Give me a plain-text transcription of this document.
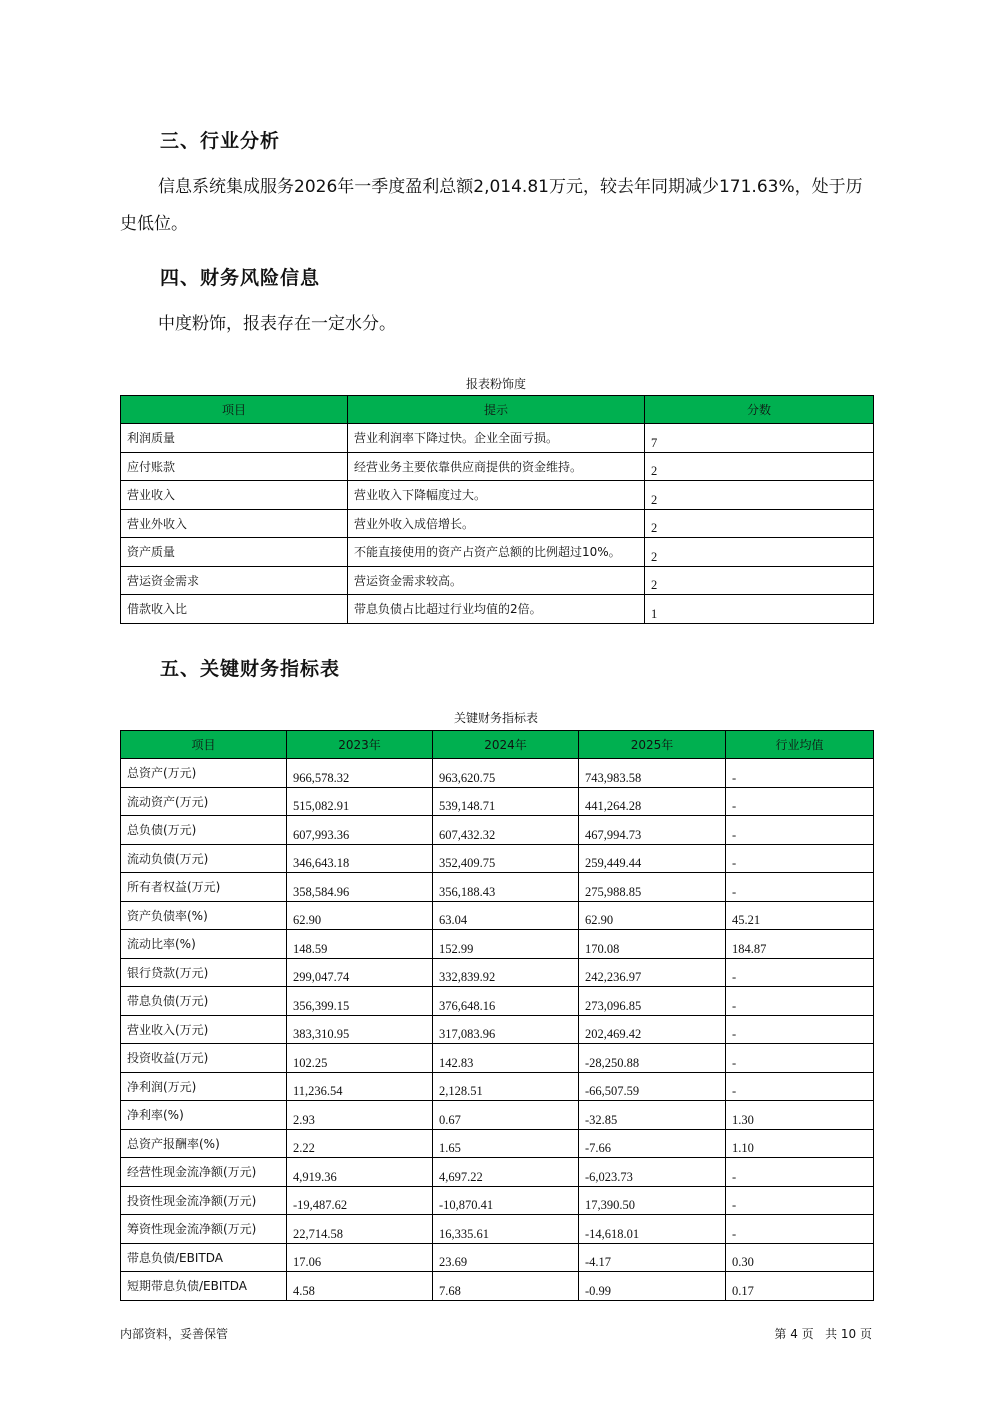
三、行业分析
信息系统集成服务2026年一季度盈利总额2,014.81万元，较去年同期减少171.63%，处于历史低位。
四、财务风险信息
中度粉饰，报表存在一定水分。
报表粉饰度
项目	提示	分数
利润质量	营业利润率下降过快。企业全面亏损。	7
应付账款	经营业务主要依靠供应商提供的资金维持。	2
营业收入	营业收入下降幅度过大。	2
营业外收入	营业外收入成倍增长。	2
资产质量	不能直接使用的资产占资产总额的比例超过10%。	2
营运资金需求	营运资金需求较高。	2
借款收入比	带息负债占比超过行业均值的2倍。	1
五、关键财务指标表
关键财务指标表
项目	2023年	2024年	2025年	行业均值
总资产(万元)	966,578.32	963,620.75	743,983.58	-
流动资产(万元)	515,082.91	539,148.71	441,264.28	-
总负债(万元)	607,993.36	607,432.32	467,994.73	-
流动负债(万元)	346,643.18	352,409.75	259,449.44	-
所有者权益(万元)	358,584.96	356,188.43	275,988.85	-
资产负债率(%)	62.90	63.04	62.90	45.21
流动比率(%)	148.59	152.99	170.08	184.87
银行贷款(万元)	299,047.74	332,839.92	242,236.97	-
带息负债(万元)	356,399.15	376,648.16	273,096.85	-
营业收入(万元)	383,310.95	317,083.96	202,469.42	-
投资收益(万元)	102.25	142.83	-28,250.88	-
净利润(万元)	11,236.54	2,128.51	-66,507.59	-
净利率(%)	2.93	0.67	-32.85	1.30
总资产报酬率(%)	2.22	1.65	-7.66	1.10
经营性现金流净额(万元)	4,919.36	4,697.22	-6,023.73	-
投资性现金流净额(万元)	-19,487.62	-10,870.41	17,390.50	-
筹资性现金流净额(万元)	22,714.58	16,335.61	-14,618.01	-
带息负债/EBITDA	17.06	23.69	-4.17	0.30
短期带息负债/EBITDA	4.58	7.68	-0.99	0.17
内部资料，妥善保管	第 4 页   共 10 页
